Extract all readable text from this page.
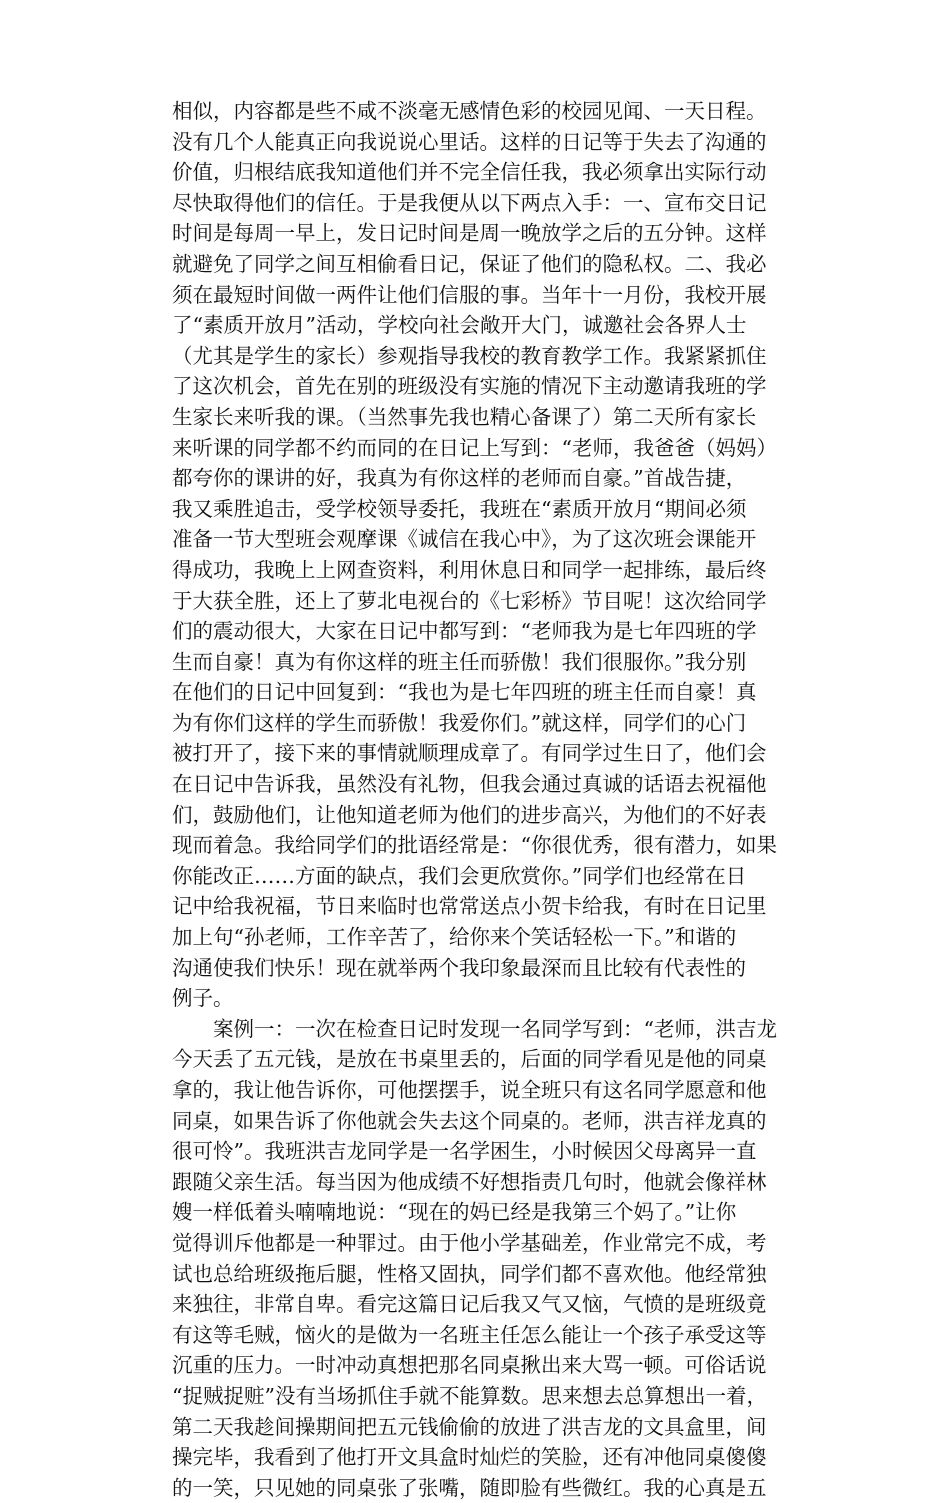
相似，内容都是些不咸不淡毫无感情色彩的校园见闻、一天日程。
没有几个人能真正向我说说心里话。这样的日记等于失去了沟通的
价值，归根结底我知道他们并不完全信任我，我必须拿出实际行动
尽快取得他们的信任。于是我便从以下两点入手：一、宣布交日记
时间是每周一早上，发日记时间是周一晚放学之后的五分钟。这样
就避免了同学之间互相偷看日记，保证了他们的隐私权。二、我必
须在最短时间做一两件让他们信服的事。当年十一月份，我校开展
了“素质开放月”活动，学校向社会敞开大门，诚邀社会各界人士
（尤其是学生的家长）参观指导我校的教育教学工作。我紧紧抓住
了这次机会，首先在别的班级没有实施的情况下主动邀请我班的学
生家长来听我的课。（当然事先我也精心备课了）第二天所有家长
来听课的同学都不约而同的在日记上写到：“老师，我爸爸（妈妈）
都夸你的课讲的好，我真为有你这样的老师而自豪。”首战告捷，
我又乘胜追击，受学校领导委托，我班在“素质开放月“期间必须
准备一节大型班会观摩课《诚信在我心中》，为了这次班会课能开
得成功，我晚上上网查资料，利用休息日和同学一起排练，最后终
于大获全胜，还上了萝北电视台的《七彩桥》节目呢！这次给同学
们的震动很大，大家在日记中都写到：“老师我为是七年四班的学
生而自豪！真为有你这样的班主任而骄傲！我们很服你。”我分别
在他们的日记中回复到：“我也为是七年四班的班主任而自豪！真
为有你们这样的学生而骄傲！我爱你们。”就这样，同学们的心门
被打开了，接下来的事情就顺理成章了。有同学过生日了，他们会
在日记中告诉我，虽然没有礼物，但我会通过真诚的话语去祝福他
们，鼓励他们，让他知道老师为他们的进步高兴，为他们的不好表
现而着急。我给同学们的批语经常是：“你很优秀，很有潜力，如果
你能改正……方面的缺点，我们会更欣赏你。”同学们也经常在日
记中给我祝福，节日来临时也常常送点小贺卡给我，有时在日记里
加上句“孙老师，工作辛苦了，给你来个笑话轻松一下。”和谐的
沟通使我们快乐！现在就举两个我印象最深而且比较有代表性的
例子。
案例一：一次在检查日记时发现一名同学写到：“老师，洪吉龙
今天丢了五元钱，是放在书桌里丢的，后面的同学看见是他的同桌
拿的，我让他告诉你，可他摆摆手，说全班只有这名同学愿意和他
同桌，如果告诉了你他就会失去这个同桌的。老师，洪吉祥龙真的
很可怜”。我班洪吉龙同学是一名学困生，小时候因父母离异一直
跟随父亲生活。每当因为他成绩不好想指责几句时，他就会像祥林
嫂一样低着头喃喃地说：“现在的妈已经是我第三个妈了。”让你
觉得训斥他都是一种罪过。由于他小学基础差，作业常完不成，考
试也总给班级拖后腿，性格又固执，同学们都不喜欢他。他经常独
来独往，非常自卑。看完这篇日记后我又气又恼，气愤的是班级竟
有这等毛贼，恼火的是做为一名班主任怎么能让一个孩子承受这等
沉重的压力。一时冲动真想把那名同桌揪出来大骂一顿。可俗话说
“捉贼捉赃”没有当场抓住手就不能算数。思来想去总算想出一着，
第二天我趁间操期间把五元钱偷偷的放进了洪吉龙的文具盒里，间
操完毕，我看到了他打开文具盒时灿烂的笑脸，还有冲他同桌傻傻
的一笑，只见她的同桌张了张嘴，随即脸有些微红。我的心真是五
